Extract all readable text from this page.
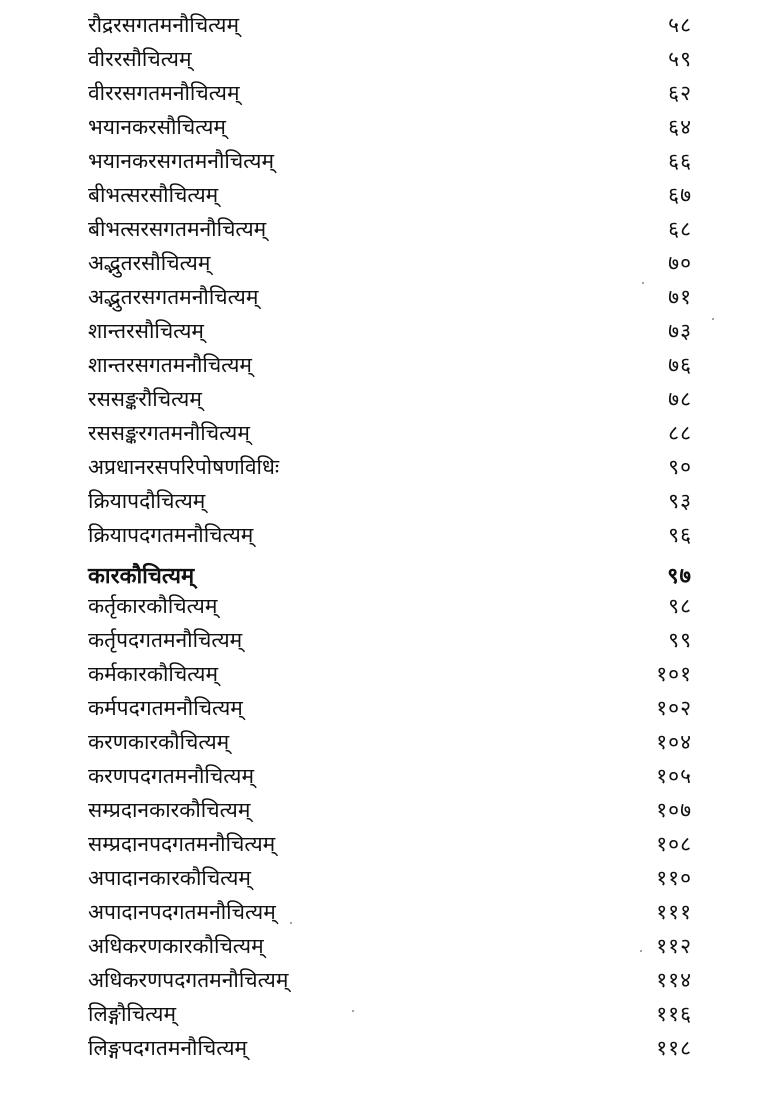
रौद्ररसगतमनौचित्यम्	५८
वीररसौचित्यम्	५९
वीररसगतमनौचित्यम्	६२
भयानकरसौचित्यम्	६४
भयानकरसगतमनौचित्यम्	६६
बीभत्सरसौचित्यम्	६७
बीभत्सरसगतमनौचित्यम्	६८
अद्भुतरसौचित्यम्	७०
अद्भुतरसगतमनौचित्यम्	७१
शान्तरसौचित्यम्	७३
शान्तरसगतमनौचित्यम्	७६
रससङ्करौचित्यम्	७८
रससङ्करगतमनौचित्यम्	८८
अप्रधानरसपरिपोषणविधिः	९०
क्रियापदौचित्यम्	९३
क्रियापदगतमनौचित्यम्	९६
कारकौचित्यम्	९७
कर्तृकारकौचित्यम्	९८
कर्तृपदगतमनौचित्यम्	९९
कर्मकारकौचित्यम्	१०१
कर्मपदगतमनौचित्यम्	१०२
करणकारकौचित्यम्	१०४
करणपदगतमनौचित्यम्	१०५
सम्प्रदानकारकौचित्यम्	१०७
सम्प्रदानपदगतमनौचित्यम्	१०८
अपादानकारकौचित्यम्	११०
अपादानपदगतमनौचित्यम्	१११
अधिकरणकारकौचित्यम्	११२
अधिकरणपदगतमनौचित्यम्	११४
लिङ्गौचित्यम्	११६
लिङ्गपदगतमनौचित्यम्	११८
